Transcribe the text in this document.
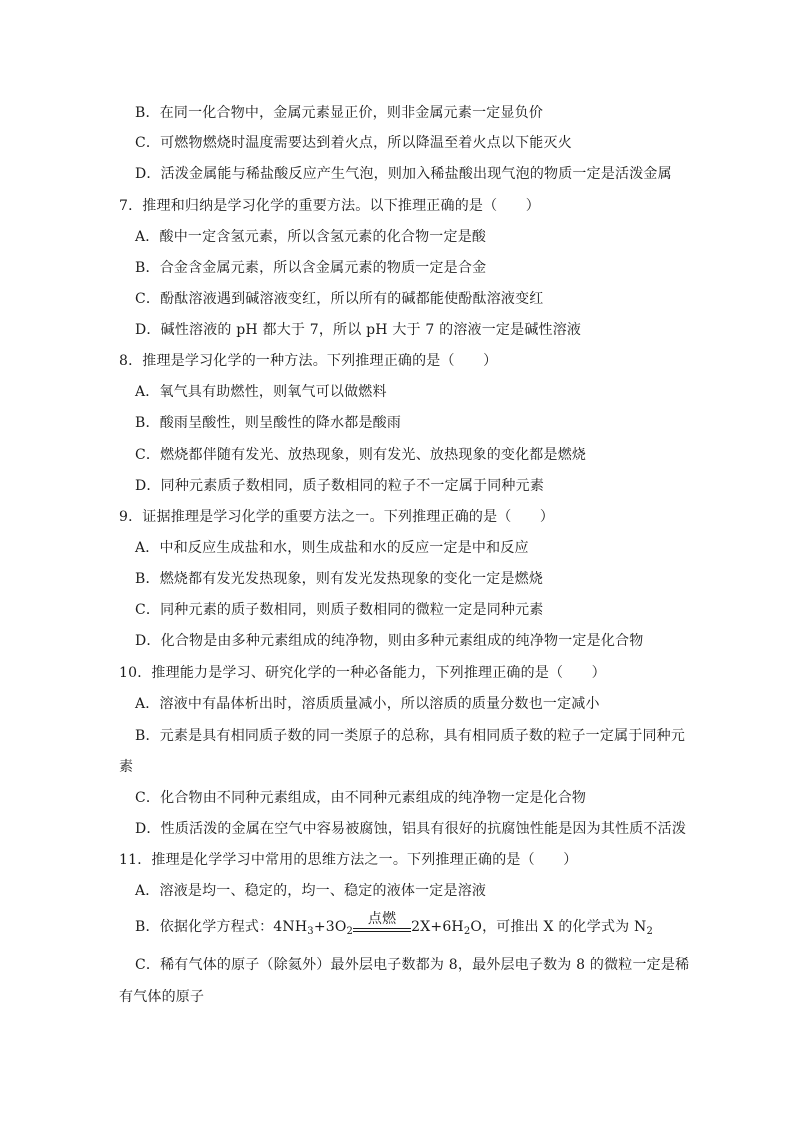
B．在同一化合物中，金属元素显正价，则非金属元素一定显负价
C．可燃物燃烧时温度需要达到着火点，所以降温至着火点以下能灭火
D．活泼金属能与稀盐酸反应产生气泡，则加入稀盐酸出现气泡的物质一定是活泼金属
7．推理和归纳是学习化学的重要方法。以下推理正确的是（　　）
A．酸中一定含氢元素，所以含氢元素的化合物一定是酸
B．合金含金属元素，所以含金属元素的物质一定是合金
C．酚酞溶液遇到碱溶液变红，所以所有的碱都能使酚酞溶液变红
D．碱性溶液的 pH 都大于 7，所以 pH 大于 7 的溶液一定是碱性溶液
8．推理是学习化学的一种方法。下列推理正确的是（　　）
A．氧气具有助燃性，则氧气可以做燃料
B．酸雨呈酸性，则呈酸性的降水都是酸雨
C．燃烧都伴随有发光、放热现象，则有发光、放热现象的变化都是燃烧
D．同种元素质子数相同，质子数相同的粒子不一定属于同种元素
9．证据推理是学习化学的重要方法之一。下列推理正确的是（　　）
A．中和反应生成盐和水，则生成盐和水的反应一定是中和反应
B．燃烧都有发光发热现象，则有发光发热现象的变化一定是燃烧
C．同种元素的质子数相同，则质子数相同的微粒一定是同种元素
D．化合物是由多种元素组成的纯净物，则由多种元素组成的纯净物一定是化合物
10．推理能力是学习、研究化学的一种必备能力，下列推理正确的是（　　）
A．溶液中有晶体析出时，溶质质量减小，所以溶质的质量分数也一定减小
B．元素是具有相同质子数的同一类原子的总称，具有相同质子数的粒子一定属于同种元
素
C．化合物由不同种元素组成，由不同种元素组成的纯净物一定是化合物
D．性质活泼的金属在空气中容易被腐蚀，铝具有很好的抗腐蚀性能是因为其性质不活泼
11．推理是化学学习中常用的思维方法之一。下列推理正确的是（　　）
A．溶液是均一、稳定的，均一、稳定的液体一定是溶液
B．依据化学方程式：$4NH_3+3O_2$
点燃	$2X+6H_2O$，可推出 X 的化学式为 $N_2$
C．稀有气体的原子（除氦外）最外层电子数都为 8，最外层电子数为 8 的微粒一定是稀
有气体的原子
